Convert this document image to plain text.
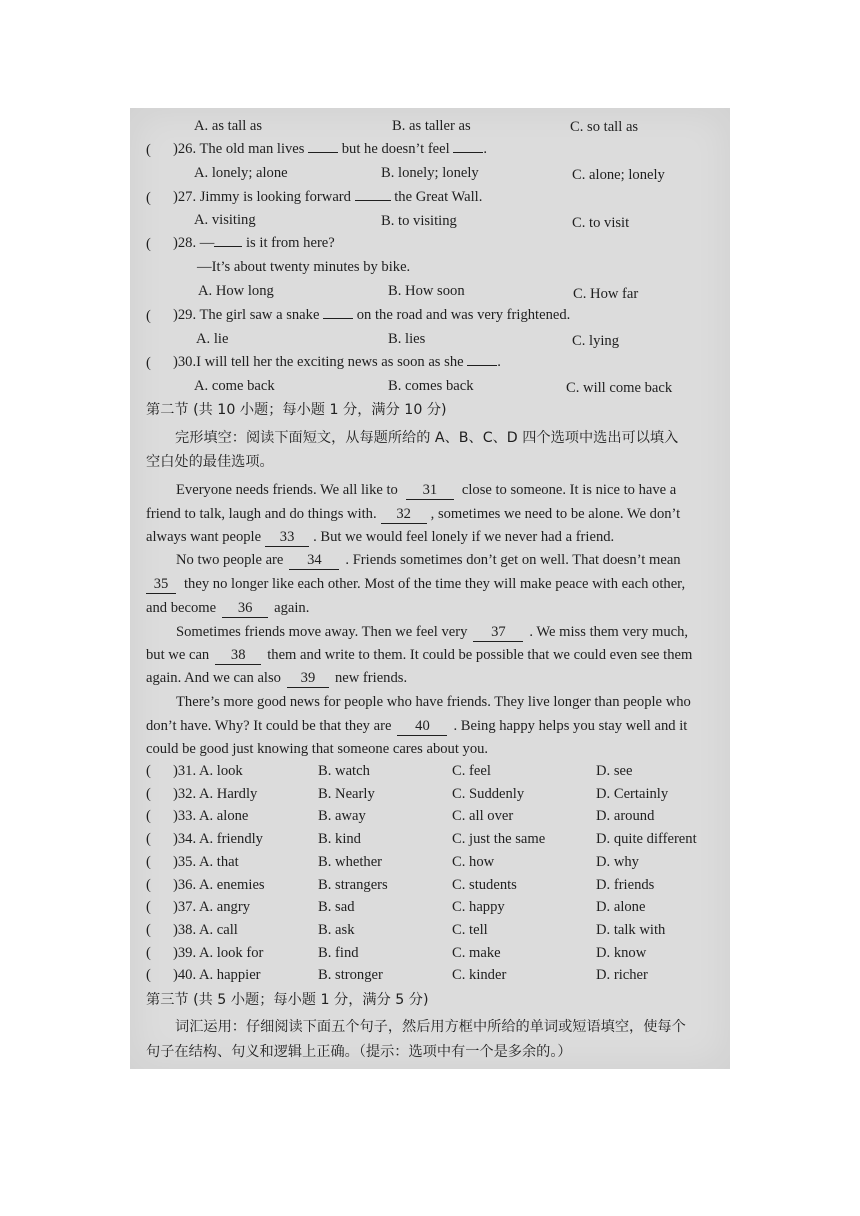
A. as tall as	B. as taller as	C. so tall as
( )26. The old man lives  but he doesn’t feel .
A. lonely; alone	B. lonely; lonely	C. alone; lonely
( )27. Jimmy is looking forward  the Great Wall.
A. visiting	B. to visiting	C. to visit
( )28. — is it from here?
—It’s about twenty minutes by bike.
A. How long	B. How soon	C. How far
( )29. The girl saw a snake  on the road and was very frightened.
A. lie	B. lies	C. lying
( )30.I will tell her the exciting news as soon as she .
A. come back	B. comes back	C. will come back
第二节 (共 10 小题；每小题 1 分，满分 10 分)
完形填空：阅读下面短文，从每题所给的 A、B、C、D 四个选项中选出可以填入
空白处的最佳选项。
Everyone needs friends. We all like to 31 close to someone. It is nice to have a
friend to talk, laugh and do things with. 32 , sometimes we need to be alone. We don’t
always want people 33 . But we would feel lonely if we never had a friend.
No two people are 34 . Friends sometimes don’t get on well. That doesn’t mean
35 they no longer like each other. Most of the time they will make peace with each other,
and become 36 again.
Sometimes friends move away. Then we feel very 37 . We miss them very much,
but we can 38 them and write to them. It could be possible that we could even see them
again. And we can also 39 new friends.
There’s more good news for people who have friends. They live longer than people who
don’t have. Why? It could be that they are 40 . Being happy helps you stay well and it
could be good just knowing that someone cares about you.
( )31. A. look	B. watch	C. feel	D. see
( )32. A. Hardly	B. Nearly	C. Suddenly	D. Certainly
( )33. A. alone	B. away	C. all over	D. around
( )34. A. friendly	B. kind	C. just the same	D. quite different
( )35. A. that	B. whether	C. how	D. why
( )36. A. enemies	B. strangers	C. students	D. friends
( )37. A. angry	B. sad	C. happy	D. alone
( )38. A. call	B. ask	C. tell	D. talk with
( )39. A. look for	B. find	C. make	D. know
( )40. A. happier	B. stronger	C. kinder	D. richer
第三节 (共 5 小题；每小题 1 分，满分 5 分)
词汇运用：仔细阅读下面五个句子，然后用方框中所给的单词或短语填空，使每个
句子在结构、句义和逻辑上正确。（提示：选项中有一个是多余的。）
